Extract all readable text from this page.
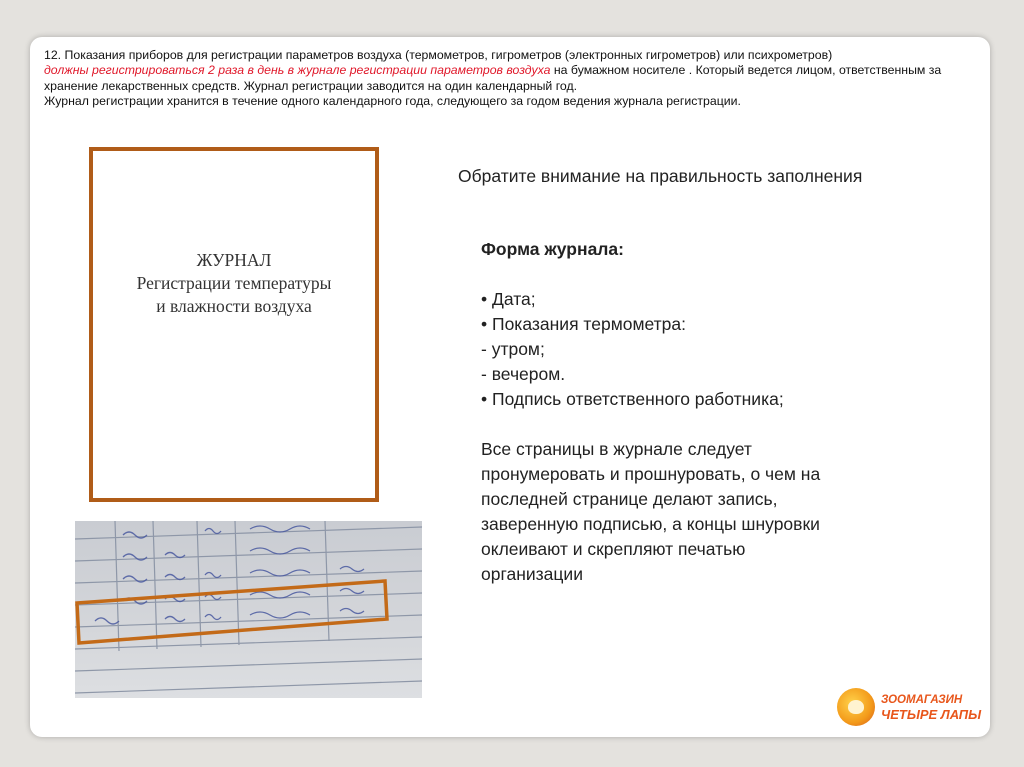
12. Показания приборов для регистрации параметров воздуха (термометров, гигрометров (электронных гигрометров) или психрометров)
должны регистрироваться 2 раза в день в журнале регистрации параметров воздуха на бумажном носителе . Который ведется лицом, ответственным за
хранение лекарственных средств. Журнал регистрации заводится на один календарный год.
Журнал регистрации хранится в течение одного календарного года, следующего за годом ведения журнала регистрации.
ЖУРНАЛ
Регистрации температуры
и влажности воздуха
Обратите внимание на правильность заполнения
Форма журнала:
• Дата;
• Показания термометра:
- утром;
- вечером.
• Подпись ответственного работника;
Все страницы в журнале следует
пронумеровать и прошнуровать, о чем на
последней странице делают запись,
заверенную подписью, а концы шнуровки
оклеивают и скрепляют печатью
организации
ЗООМАГАЗИН
ЧЕТЫРЕ ЛАПЫ
